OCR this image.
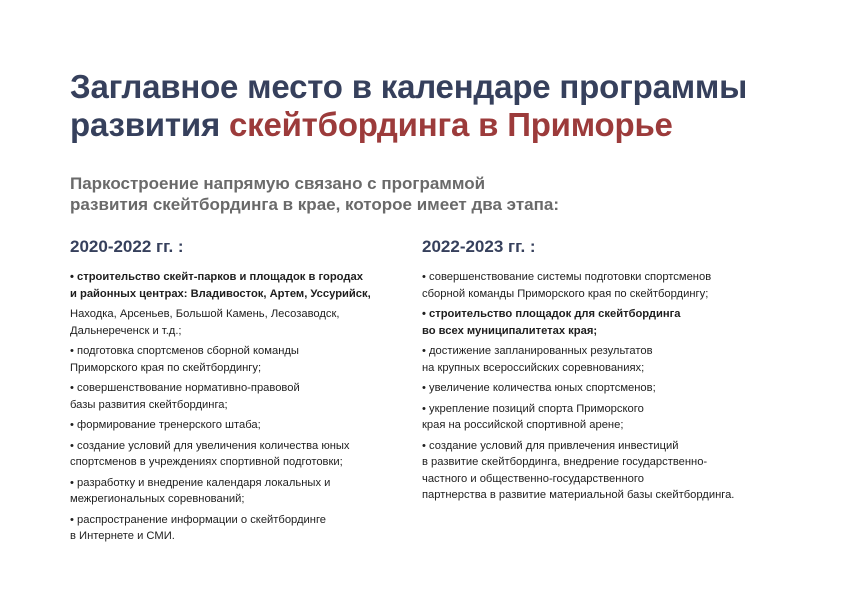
Заглавное место в календаре программы
развития скейтбординга в Приморье
Паркостроение напрямую связано с программой
развития скейтбординга в крае, которое имеет два этапа:
2020-2022 гг. :
• строительство скейт-парков и площадок в городах
и районных центрах: Владивосток, Артем, Уссурийск,
Находка, Арсеньев, Большой Камень, Лесозаводск,
Дальнереченск и т.д.;
• подготовка спортсменов сборной команды
Приморского края по скейтбордингу;
• совершенствование нормативно-правовой
базы развития скейтбординга;
• формирование тренерского штаба;
• создание условий для увеличения количества юных
спортсменов в учреждениях спортивной подготовки;
• разработку и внедрение календаря локальных и
межрегиональных соревнований;
• распространение информации о скейтбординге
в Интернете и СМИ.
2022-2023 гг. :
• совершенствование системы подготовки спортсменов
сборной команды Приморского края по скейтбордингу;
• строительство площадок для скейтбординга
во всех муниципалитетах края;
• достижение запланированных результатов
на крупных всероссийских соревнованиях;
• увеличение количества юных спортсменов;
• укрепление позиций спорта Приморского
края на российской спортивной арене;
• создание условий для привлечения инвестиций
в развитие скейтбординга, внедрение государственно-
частного и общественно-государственного
партнерства в развитие материальной базы скейтбординга.
